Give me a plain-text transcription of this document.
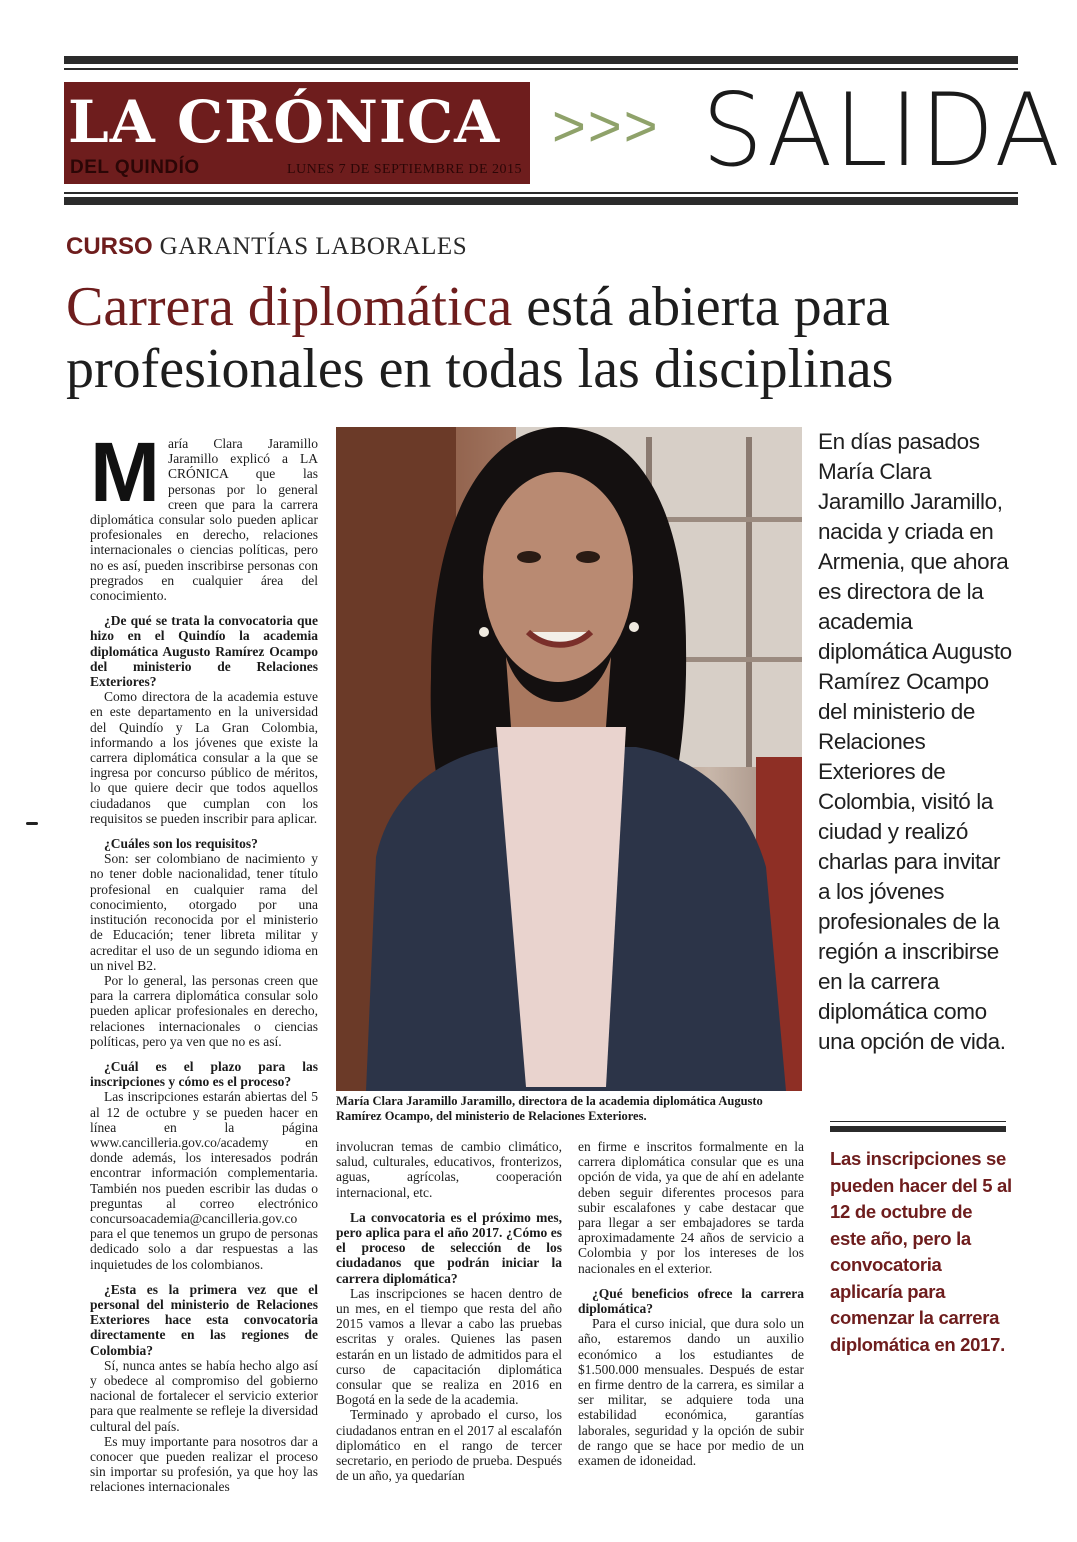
LA CRÓNICA
DEL QUINDÍO	LUNES 7 DE SEPTIEMBRE DE 2015
>>> SALIDA
CURSO GARANTÍAS LABORALES
Carrera diplomática está abierta para profesionales en todas las disciplinas
M aría Clara Jaramillo Jaramillo explicó a LA CRÓNICA que las personas por lo general creen que para la carrera diplomática consular solo pueden aplicar profesionales en derecho, relaciones internacionales o ciencias políticas, pero no es así, pueden inscribirse personas con pregrados en cualquier área del conocimiento.

¿De qué se trata la convocatoria que hizo en el Quindío la academia diplomática Augusto Ramírez Ocampo del ministerio de Relaciones Exteriores?

Como directora de la academia estuve en este departamento en la universidad del Quindío y La Gran Colombia, informando a los jóvenes que existe la carrera diplomática consular a la que se ingresa por concurso público de méritos, lo que quiere decir que todos aquellos ciudadanos que cumplan con los requisitos se pueden inscribir para aplicar.

¿Cuáles son los requisitos?

Son: ser colombiano de nacimiento y no tener doble nacionalidad, tener título profesional en cualquier rama del conocimiento, otorgado por una institución reconocida por el ministerio de Educación; tener libreta militar y acreditar el uso de un segundo idioma en un nivel B2.

Por lo general, las personas creen que para la carrera diplomática consular solo pueden aplicar profesionales en derecho, relaciones internacionales o ciencias políticas, pero ya ven que no es así.

¿Cuál es el plazo para las inscripciones y cómo es el proceso?

Las inscripciones estarán abiertas del 5 al 12 de octubre y se pueden hacer en línea en la página www.cancilleria.gov.co/academy en donde además, los interesados podrán encontrar información complementaria. También nos pueden escribir las dudas o preguntas al correo electrónico concursoacademia@cancilleria.gov.co para el que tenemos un grupo de personas dedicado solo a dar respuestas a las inquietudes de los colombianos.

¿Esta es la primera vez que el personal del ministerio de Relaciones Exteriores hace esta convocatoria directamente en las regiones de Colombia?

Sí, nunca antes se había hecho algo así y obedece al compromiso del gobierno nacional de fortalecer el servicio exterior para que realmente se refleje la diversidad cultural del país.

Es muy importante para nosotros dar a conocer que pueden realizar el proceso sin importar su profesión, ya que hoy las relaciones internacionales

María Clara Jaramillo Jaramillo, directora de la academia diplomática Augusto Ramírez Ocampo, del ministerio de Relaciones Exteriores.
En días pasados María Clara Jaramillo Jaramillo, nacida y criada en Armenia, que ahora es directora de la academia diplomática Augusto Ramírez Ocampo del ministerio de Relaciones Exteriores de Colombia, visitó la ciudad y realizó charlas para invitar a los jóvenes profesionales de la región a inscribirse en la carrera diplomática como una opción de vida.

involucran temas de cambio climático, salud, culturales, educativos, fronterizos, aguas, agrícolas, cooperación internacional, etc.

La convocatoria es el próximo mes, pero aplica para el año 2017. ¿Cómo es el proceso de selección de los ciudadanos que podrán iniciar la carrera diplomática?

Las inscripciones se hacen dentro de un mes, en el tiempo que resta del año 2015 vamos a llevar a cabo las pruebas escritas y orales. Quienes las pasen estarán en un listado de admitidos para el curso de capacitación diplomática consular que se realiza en 2016 en Bogotá en la sede de la academia.

Terminado y aprobado el curso, los ciudadanos entran en el 2017 al escalafón diplomático en el rango de tercer secretario, en periodo de prueba. Después de un año, ya quedarían

en firme e inscritos formalmente en la carrera diplomática consular que es una opción de vida, ya que de ahí en adelante deben seguir diferentes procesos para subir escalafones y cabe destacar que para llegar a ser embajadores se tarda aproximadamente 24 años de servicio a Colombia y por los intereses de los nacionales en el exterior.

¿Qué beneficios ofrece la carrera diplomática?

Para el curso inicial, que dura solo un año, estaremos dando un auxilio económico a los estudiantes de $1.500.000 mensuales. Después de estar en firme dentro de la carrera, es similar a ser militar, se adquiere toda una estabilidad económica, garantías laborales, seguridad y la opción de subir de rango que se hace por medio de un examen de idoneidad.

Las inscripciones se pueden hacer del 5 al 12 de octubre de este año, pero la convocatoria aplicaría para comenzar la carrera diplomática en 2017.
